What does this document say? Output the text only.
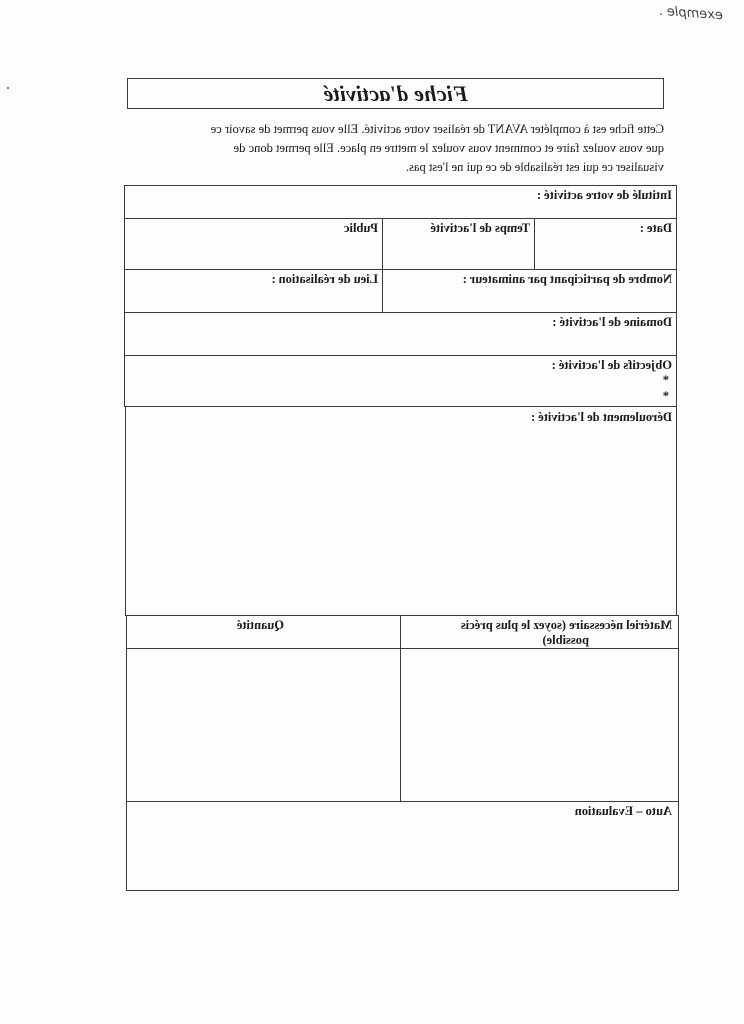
exemple .
Fiche d'activité
Cette fiche est à compléter AVANT de réaliser votre activité. Elle vous permet de savoir ce
que vous voulez faire et comment vous voulez le mettre en place. Elle permet donc de
visualiser ce qui est réalisable de ce qui ne l'est pas.
Intitulé de votre activité :
Date :
Temps de l'activité
Public
Nombre de participant par animateur :
Lieu de réalisation :
Domaine de l'activité :
Objectifs de l'activité :
*
*
Déroulement de l'activité :
Matériel nécessaire (soyez le plus précis
possible)
Quantité
Auto – Evaluation
